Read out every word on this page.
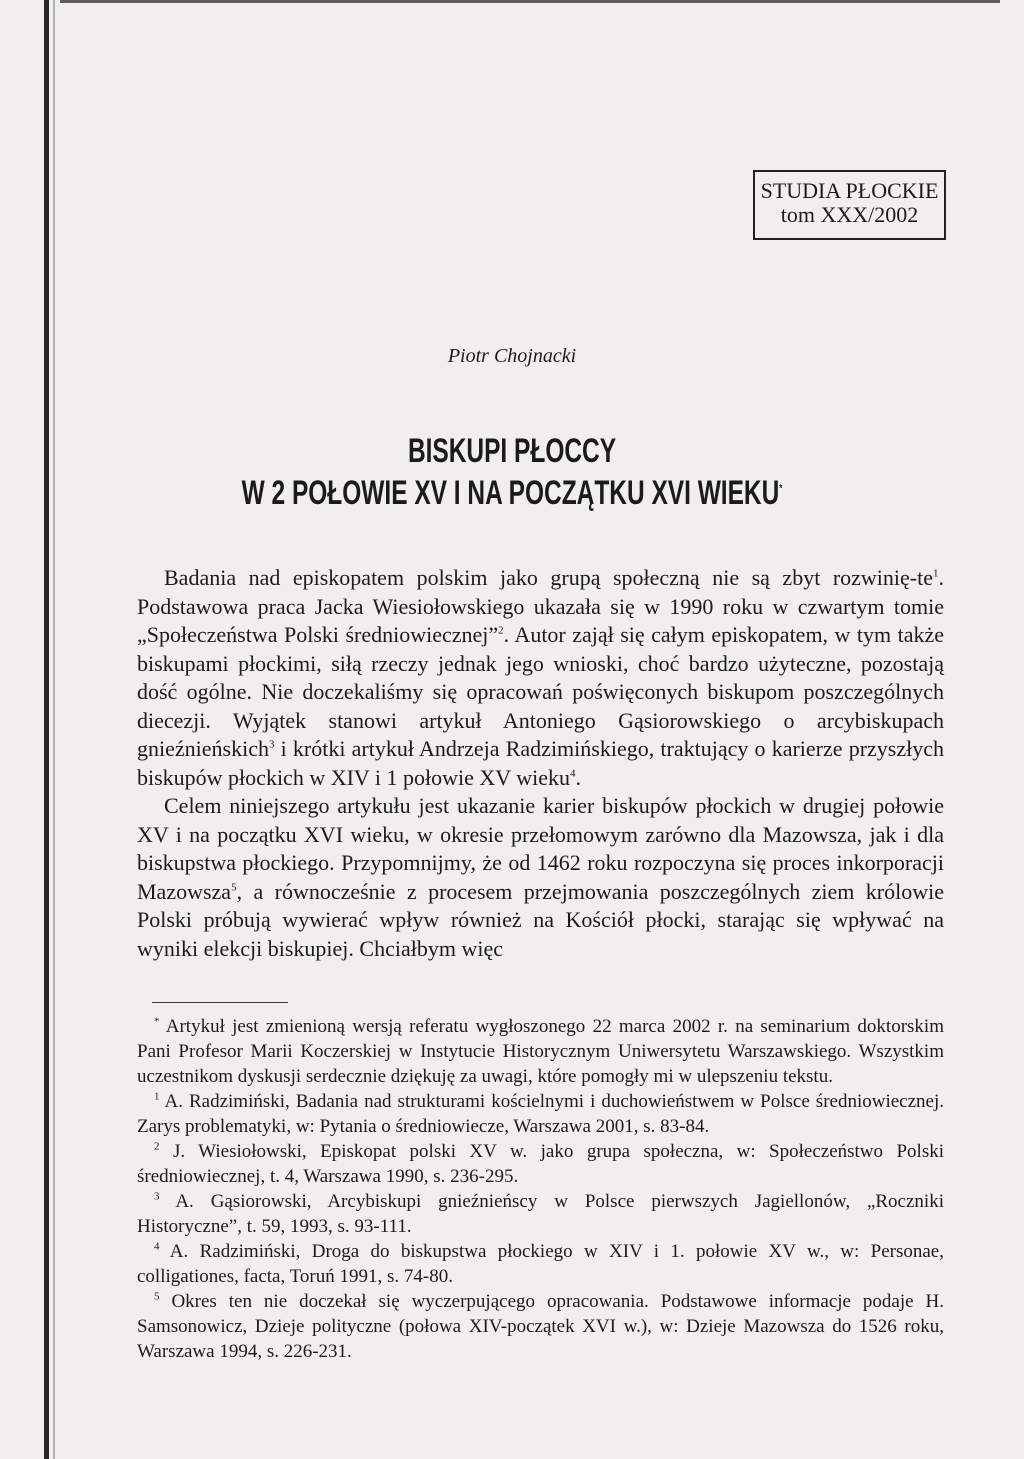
STUDIA PŁOCKIE
tom XXX/2002
Piotr Chojnacki
BISKUPI PŁOCCY
W 2 POŁOWIE XV I NA POCZĄTKU XVI WIEKU*

Badania nad episkopatem polskim jako grupą społeczną nie są zbyt rozwinię-$te^1$. Podstawowa praca Jacka Wiesiołowskiego ukazała się w 1990 roku w czwartym tomie „Społeczeństwa Polski średniowiecznej”$^2$. Autor zajął się całym episkopatem, w tym także biskupami płockimi, siłą rzeczy jednak jego wnioski, choć bardzo użyteczne, pozostają dość ogólne. Nie doczekaliśmy się opracowań poświęconych biskupom poszczególnych diecezji. Wyjątek stanowi artykuł Antoniego Gąsiorowskiego o arcybiskupach gnieźnieńskich$^3$ i krótki artykuł Andrzeja Radzimińskiego, traktujący o karierze przyszłych biskupów płockich w XIV i 1 połowie XV wieku$^4$.

Celem niniejszego artykułu jest ukazanie karier biskupów płockich w drugiej połowie XV i na początku XVI wieku, w okresie przełomowym zarówno dla Mazowsza, jak i dla biskupstwa płockiego. Przypomnijmy, że od 1462 roku rozpoczyna się proces inkorporacji Mazowsza$^5$, a równocześnie z procesem przejmowania poszczególnych ziem królowie Polski próbują wywierać wpływ również na Kościół płocki, starając się wpływać na wyniki elekcji biskupiej. Chciałbym więc

* Artykuł jest zmienioną wersją referatu wygłoszonego 22 marca 2002 r. na seminarium doktorskim Pani Profesor Marii Koczerskiej w Instytucie Historycznym Uniwersytetu Warszawskiego. Wszystkim uczestnikom dyskusji serdecznie dziękuję za uwagi, które pomogły mi w ulepszeniu tekstu.

$^1$ A. Radzimiński, Badania nad strukturami kościelnymi i duchowieństwem w Polsce średniowiecznej. Zarys problematyki, w: Pytania o średniowiecze, Warszawa 2001, s. 83-84.

$^2$ J. Wiesiołowski, Episkopat polski XV w. jako grupa społeczna, w: Społeczeństwo Polski średniowiecznej, t. 4, Warszawa 1990, s. 236-295.

$^3$ A. Gąsiorowski, Arcybiskupi gnieźnieńscy w Polsce pierwszych Jagiellonów, „Roczniki Historyczne”, t. 59, 1993, s. 93-111.

$^4$ A. Radzimiński, Droga do biskupstwa płockiego w XIV i 1. połowie XV w., w: Personae, colligationes, facta, Toruń 1991, s. 74-80.

$^5$ Okres ten nie doczekał się wyczerpującego opracowania. Podstawowe informacje podaje H. Samsonowicz, Dzieje polityczne (połowa XIV-początek XVI w.), w: Dzieje Mazowsza do 1526 roku, Warszawa 1994, s. 226-231.
